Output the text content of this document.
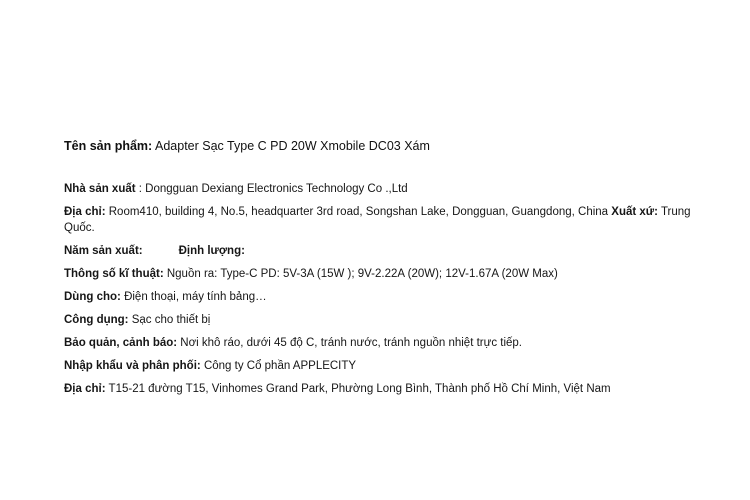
Tên sản phẩm: Adapter Sạc Type C PD 20W Xmobile DC03 Xám
Nhà sản xuất : Dongguan Dexiang Electronics Technology Co .,Ltd
Địa chỉ: Room410, building 4, No.5, headquarter 3rd road, Songshan Lake, Dongguan, Guangdong, China Xuất xứ: Trung Quốc.
Năm sản xuất:	Định lượng:
Thông số kĩ thuật: Nguồn ra: Type-C PD: 5V-3A (15W ); 9V-2.22A (20W); 12V-1.67A (20W Max)
Dùng cho: Điện thoại, máy tính bảng…
Công dụng: Sạc cho thiết bị
Bảo quản, cảnh báo: Nơi khô ráo, dưới 45 độ C, tránh nước, tránh nguồn nhiệt trực tiếp.
Nhập khẩu và phân phối: Công ty Cổ phần APPLECITY
Địa chỉ: T15-21 đường T15, Vinhomes Grand Park, Phường Long Bình, Thành phố Hồ Chí Minh, Việt Nam
